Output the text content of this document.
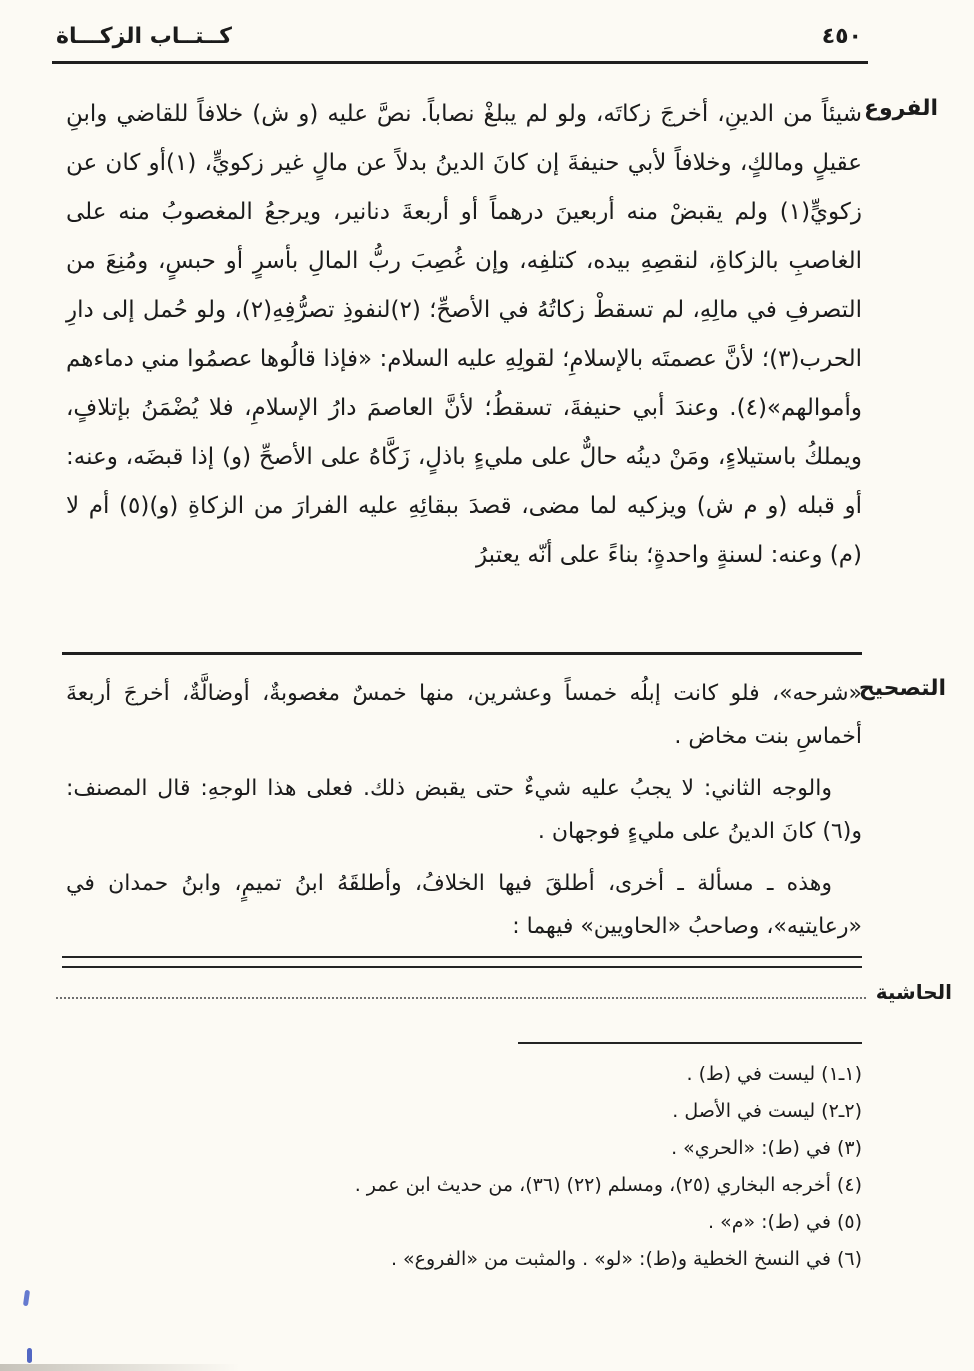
٤٥٠
كــتــاب الزكـــاة
الفروع

شيئاً من الدينِ، أخرجَ زكاتَه، ولو لم يبلغْ نصاباً. نصَّ عليه (و ش) خلافاً للقاضي وابنِ عقيلٍ ومالكٍ، وخلافاً لأبي حنيفةَ إن كانَ الدينُ بدلاً عن مالٍ غير زكويٍّ، (١)أو كان عن زكويٍّ(١) ولم يقبضْ منه أربعينَ درهماً أو أربعةَ دنانير، ويرجعُ المغصوبُ منه على الغاصبِ بالزكاةِ، لنقصِهِ بيده، كتلفِه، وإن غُصِبَ ربُّ المالِ بأسرٍ أو حبسٍ، ومُنِعَ من التصرفِ في مالِهِ، لم تسقطْ زكاتُهُ في الأصحِّ؛ (٢)لنفوذِ تصرُّفِهِ(٢)، ولو حُمل إلى دارِ الحرب(٣)؛ لأنَّ عصمتَه بالإسلامِ؛ لقولِهِ عليه السلام: «فإذا قالُوها عصمُوا مني دماءهم وأموالهم»(٤). وعندَ أبي حنيفةَ، تسقطُ؛ لأنَّ العاصمَ دارُ الإسلامِ، فلا يُضْمَنُ بإتلافٍ، ويملكُ باستيلاءٍ، ومَنْ دينُه حالٌّ على مليءٍ باذلٍ، زَكَّاهُ على الأصحِّ (و) إذا قبضَه، وعنه: أو قبله (و م ش) ويزكيه لما مضى، قصدَ ببقائِهِ عليه الفرارَ من الزكاةِ (و)(٥) أم لا (م) وعنه: لسنةٍ واحدةٍ؛ بناءً على أنّه يعتبرُ

التصحيح

«شرحه»، فلو كانت إبلُه خمساً وعشرين، منها خمسٌ مغصوبةٌ، أوضالَّةٌ، أخرجَ أربعةَ أخماسِ بنت مخاض .

والوجه الثاني: لا يجبُ عليه شيءٌ حتى يقبض ذلك. فعلى هذا الوجهِ: قال المصنف: و(٦) كانَ الدينُ على مليءٍ فوجهان .

وهذه ـ مسألة ـ أخرى، أطلقَ فيها الخلافُ، وأطلقَهُ ابنُ تميمٍ، وابنُ حمدان في «رعايتيه»، وصاحبُ «الحاويين» فيهما :

الحاشية
(١ـ١) ليست في (ط) .
(٢ـ٢) ليست في الأصل .
(٣) في (ط): «الحري» .
(٤) أخرجه البخاري (٢٥)، ومسلم (٢٢) (٣٦)، من حديث ابن عمر .
(٥) في (ط): «م» .
(٦) في النسخ الخطية و(ط): «لو» . والمثبت من «الفروع» .
